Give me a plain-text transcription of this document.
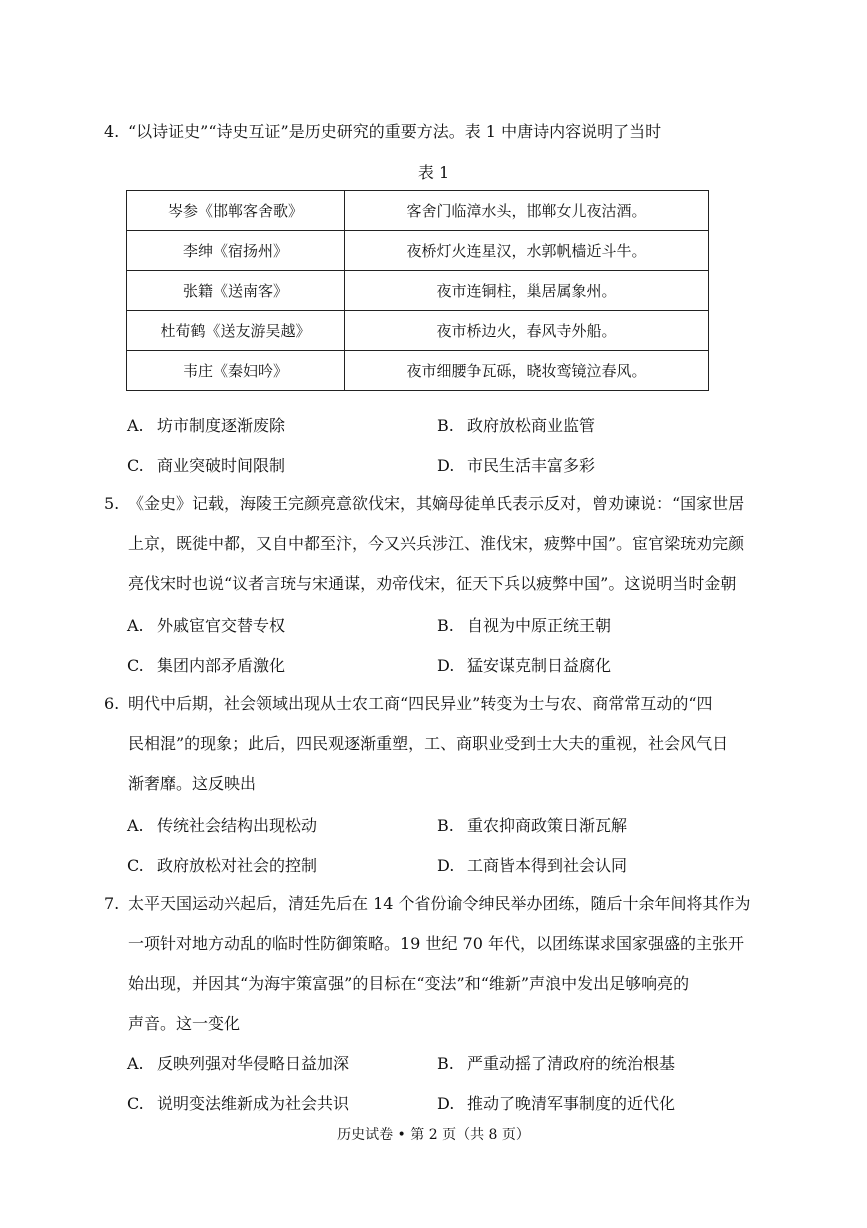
4. “以诗证史”“诗史互证”是历史研究的重要方法。表 1 中唐诗内容说明了当时
表 1
岑参《邯郸客舍歌》	客舍门临漳水头，邯郸女儿夜沽酒。
李绅《宿扬州》	夜桥灯火连星汉，水郭帆樯近斗牛。
张籍《送南客》	夜市连铜柱，巢居属象州。
杜荀鹤《送友游吴越》	夜市桥边火，春风寺外船。
韦庄《秦妇吟》	夜市细腰争瓦砾，晓妆鸾镜泣春风。
A. 坊市制度逐渐废除	B. 政府放松商业监管
C. 商业突破时间限制	D. 市民生活丰富多彩
5. 《金史》记载，海陵王完颜亮意欲伐宋，其嫡母徒单氏表示反对，曾劝谏说：“国家世居
上京，既徙中都，又自中都至汴，今又兴兵涉江、淮伐宋，疲弊中国”。宦官梁珫劝完颜
亮伐宋时也说“议者言珫与宋通谋，劝帝伐宋，征天下兵以疲弊中国”。这说明当时金朝
A. 外戚宦官交替专权	B. 自视为中原正统王朝
C. 集团内部矛盾激化	D. 猛安谋克制日益腐化
6. 明代中后期，社会领域出现从士农工商“四民异业”转变为士与农、商常常互动的“四
民相混”的现象；此后，四民观逐渐重塑，工、商职业受到士大夫的重视，社会风气日
渐奢靡。这反映出
A. 传统社会结构出现松动	B. 重农抑商政策日渐瓦解
C. 政府放松对社会的控制	D. 工商皆本得到社会认同
7. 太平天国运动兴起后，清廷先后在 14 个省份谕令绅民举办团练，随后十余年间将其作为
一项针对地方动乱的临时性防御策略。19 世纪 70 年代，以团练谋求国家强盛的主张开
始出现，并因其“为海宇策富强”的目标在“变法”和“维新”声浪中发出足够响亮的
声音。这一变化
A. 反映列强对华侵略日益加深	B. 严重动摇了清政府的统治根基
C. 说明变法维新成为社会共识	D. 推动了晚清军事制度的近代化
历史试卷 • 第 2 页（共 8 页）
